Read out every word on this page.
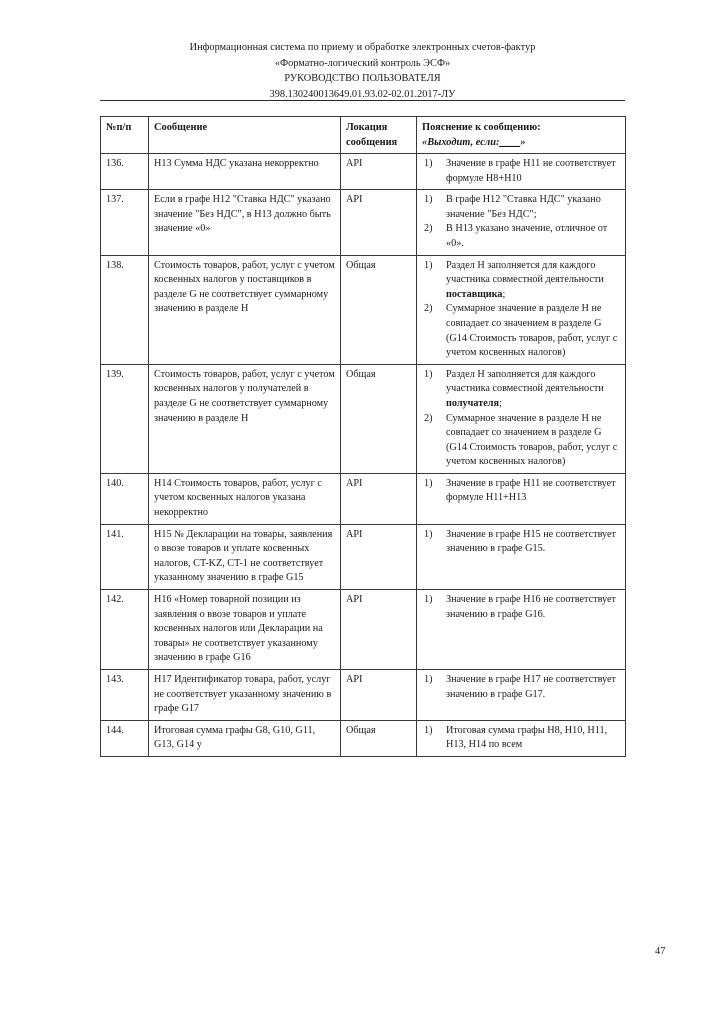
Информационная система по приему и обработке электронных счетов-фактур
«Форматно-логический контроль ЭСФ»
РУКОВОДСТВО ПОЛЬЗОВАТЕЛЯ
398.130240013649.01.93.02-02.01.2017-ЛУ
№п/п	Сообщение	Локация сообщения	Пояснение к сообщению:
«Выходит, если:____»

136.	Н13 Сумма НДС указана некорректно	API	Значение в графе Н11 не соответствует формуле Н8+Н10

137.	Если в графе Н12 "Ставка НДС" указано значение "Без НДС", в Н13 должно быть значение «0»	API	В графе Н12 "Ставка НДС" указано значение "Без НДС";
В Н13 указано значение, отличное от «0».

138.	Стоимость товаров, работ, услуг с учетом косвенных налогов у поставщиков в разделе G не соответствует суммарному значению в разделе H	Общая	Раздел H заполняется для каждого участника совместной деятельности поставщика;
Суммарное значение в разделе H не совпадает со значением в разделе G (G14 Стоимость товаров, работ, услуг с учетом косвенных налогов)

139.	Стоимость товаров, работ, услуг с учетом косвенных налогов у получателей в разделе G не соответствует суммарному значению в разделе H	Общая	Раздел H заполняется для каждого участника совместной деятельности получателя;
Суммарное значение в разделе H не совпадает со значением в разделе G (G14 Стоимость товаров, работ, услуг с учетом косвенных налогов)

140.	Н14 Стоимость товаров, работ, услуг с учетом косвенных налогов указана некорректно	API	Значение в графе Н11 не соответствует формуле Н11+Н13

141.	Н15 № Декларации на товары, заявления о ввозе товаров и уплате косвенных налогов, CT-KZ, CT-1 не соответствует указанному значению в графе G15	API	Значение в графе Н15 не соответствует значению в графе G15.

142.	Н16 «Номер товарной позиции из заявления о ввозе товаров и уплате косвенных налогов или Декларации на товары» не соответствует указанному значению в графе G16	API	Значение в графе Н16 не соответствует значению в графе G16.

143.	Н17 Идентификатор товара, работ, услуг не соответствует указанному значению в графе G17	API	Значение в графе Н17 не соответствует значению в графе G17.

144.	Итоговая сумма графы G8, G10, G11, G13, G14 у	Общая	Итоговая сумма графы Н8, Н10, Н11, Н13, Н14 по всем
47
